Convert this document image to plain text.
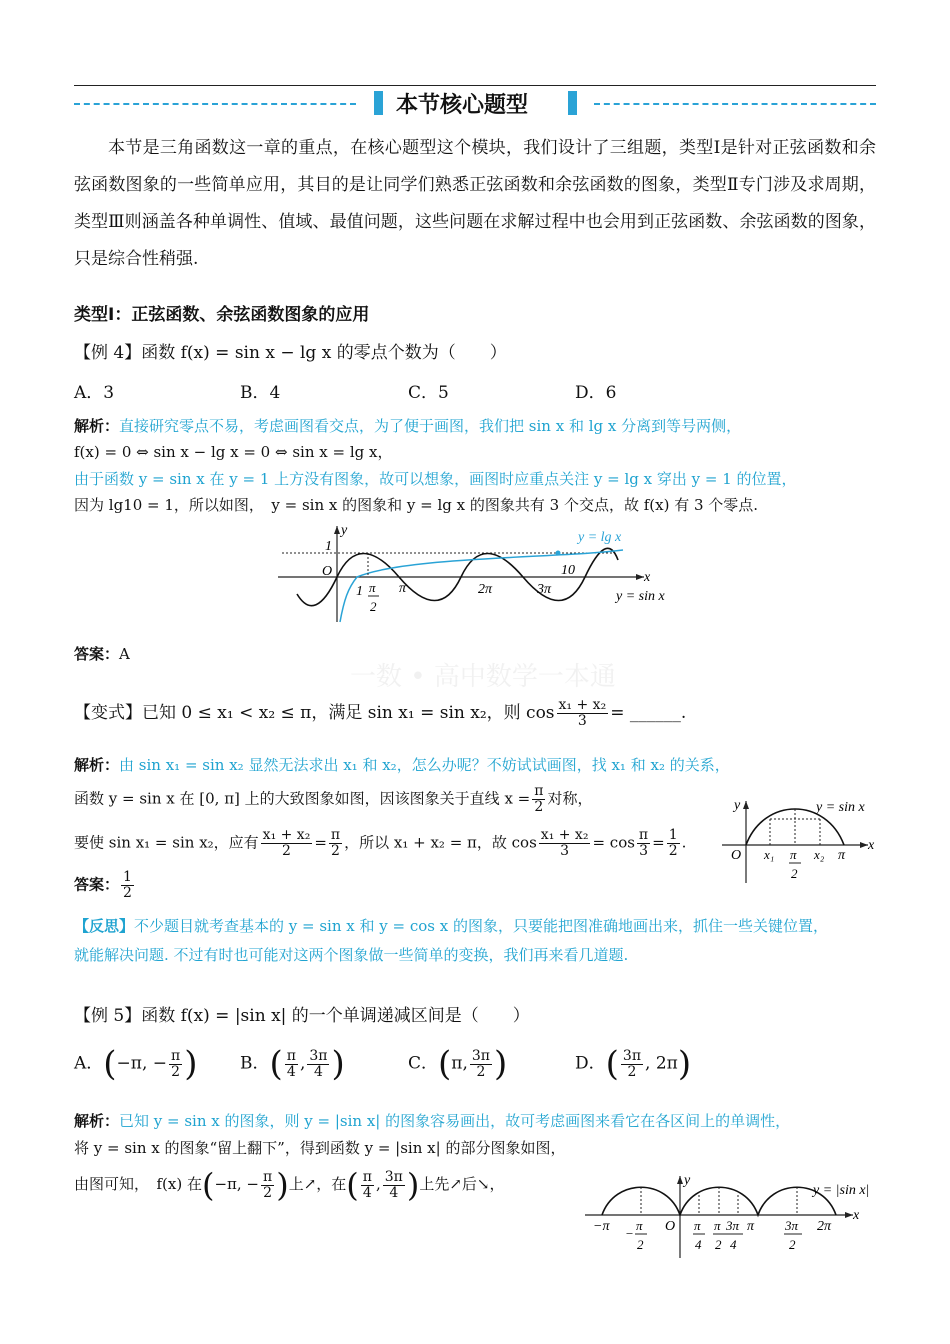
本节核心题型
本节是三角函数这一章的重点，在核心题型这个模块，我们设计了三组题，类型Ⅰ是针对正弦函数和余弦函数图象的一些简单应用，其目的是让同学们熟悉正弦函数和余弦函数的图象，类型Ⅱ专门涉及求周期，类型Ⅲ则涵盖各种单调性、值域、最值问题，这些问题在求解过程中也会用到正弦函数、余弦函数的图象，只是综合性稍强.
类型Ⅰ：正弦函数、余弦函数图象的应用
【例 4】函数 f(x) = sin x − lg x 的零点个数为（　　）
A．3	B．4	C．5	D．6
解析：直接研究零点不易，考虑画图看交点，为了便于画图，我们把 sin x 和 lg x 分离到等号两侧，
f(x) = 0 ⇔ sin x − lg x = 0 ⇔ sin x = lg x，
由于函数 y = sin x 在 y = 1 上方没有图象，故可以想象，画图时应重点关注 y = lg x 穿出 y = 1 的位置，
因为 lg10 = 1，所以如图，　y = sin x 的图象和 y = lg x 的图象共有 3 个交点，故 f(x) 有 3 个零点.
y
1
O
1 π
2
π	2π	3π
10	x
y = lg x
y = sin x
答案：A
一数 • 高中数学一本通
【变式】已知 0 ≤ x₁ < x₂ ≤ π，满足 sin x₁ = sin x₂，则 $\cos \frac{\text{x₁ + x₂}}{3}$ = ______.
解析：由 sin x₁ = sin x₂ 显然无法求出 x₁ 和 x₂，怎么办呢？不妨试试画图，找 x₁ 和 x₂ 的关系，
函数 y = sin x 在 [0, π] 上的大致图象如图，因该图象关于直线 $x = \frac{\pi}{2}$ 对称，
要使 sin x₁ = sin x₂，应有 $\frac{\text{x₁ + x₂}}{2} = \frac{\pi}{2}$ ，所以 x₁ + x₂ = π，故 $\cos \frac{\text{x₁ + x₂}}{3} = \cos \frac{\pi}{3} = \frac{1}{2}$ .
答案： $\frac{1}{2}$
y	y = sin x
O x₁ π
2
x₂ π
x
【反思】不少题目就考查基本的 y = sin x 和 y = cos x 的图象，只要能把图准确地画出来，抓住一些关键位置，
就能解决问题. 不过有时也可能对这两个图象做一些简单的变换，我们再来看几道题.
【例 5】函数 f(x) = |sin x| 的一个单调递减区间是（　　）
A．(−π, − $\frac{\pi}{2}$ )	B．( $\frac{\pi}{4}$ , $\frac{3\pi}{4}$ )	C．(π, $\frac{3\pi}{2}$ )	D．( $\frac{3\pi}{2}$ , 2π)
解析：已知 y = sin x 的图象，则 y = |sin x| 的图象容易画出，故可考虑画图来看它在各区间上的单调性，
将 y = sin x 的图象“留上翻下”，得到函数 y = |sin x| 的部分图象如图，
由图可知，　f(x) 在(−π, − $\frac{\pi}{2}$ )上↗，在( $\frac{\pi}{4}$ , $\frac{3\pi}{4}$ )上先↗后↘，	y
y = |sin x|
x
−π −
π
2
O π
4
π
2
3π
4
π 3π
2
2π
